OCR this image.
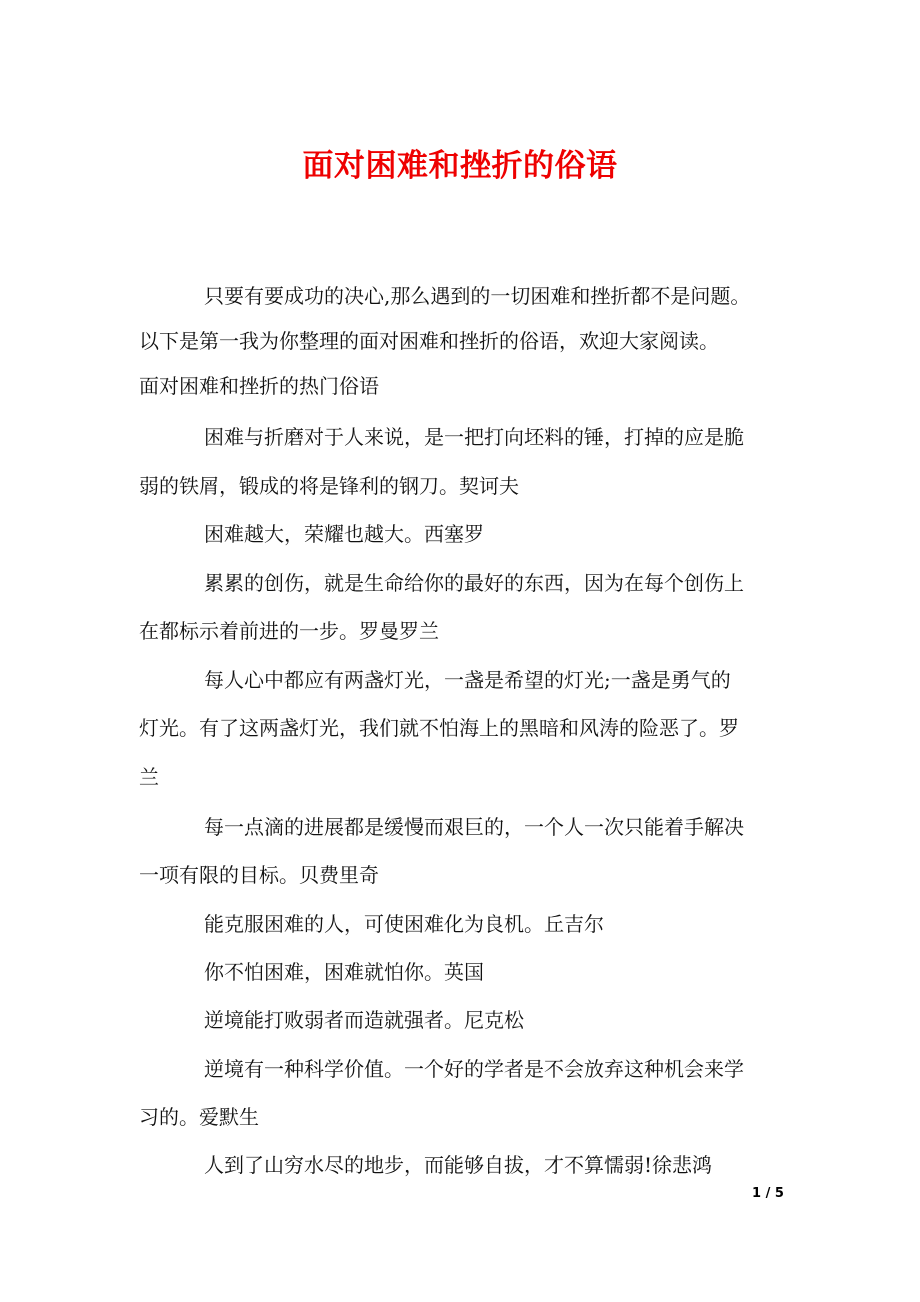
面对困难和挫折的俗语
只要有要成功的决心,那么遇到的一切困难和挫折都不是问题。
以下是第一我为你整理的面对困难和挫折的俗语，欢迎大家阅读。
面对困难和挫折的热门俗语
困难与折磨对于人来说，是一把打向坯料的锤，打掉的应是脆
弱的铁屑，锻成的将是锋利的钢刀。契诃夫
困难越大，荣耀也越大。西塞罗
累累的创伤，就是生命给你的最好的东西，因为在每个创伤上
在都标示着前进的一步。罗曼罗兰
每人心中都应有两盏灯光，一盏是希望的灯光;一盏是勇气的
灯光。有了这两盏灯光，我们就不怕海上的黑暗和风涛的险恶了。罗
兰
每一点滴的进展都是缓慢而艰巨的，一个人一次只能着手解决
一项有限的目标。贝费里奇
能克服困难的人，可使困难化为良机。丘吉尔
你不怕困难，困难就怕你。英国
逆境能打败弱者而造就强者。尼克松
逆境有一种科学价值。一个好的学者是不会放弃这种机会来学
习的。爱默生
人到了山穷水尽的地步，而能够自拔，才不算懦弱!徐悲鸿
1 / 5
